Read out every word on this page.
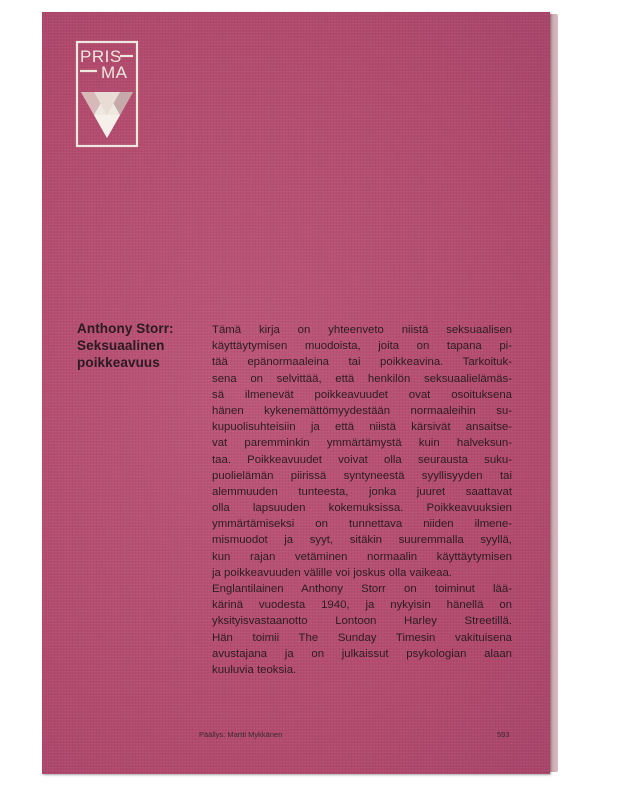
PRIS
MA
Anthony Storr:
Seksuaalinen
poikkeavuus
Tämä kirja on yhteenveto niistä seksuaalisen
käyttäytymisen muodoista, joita on tapana pi-
tää epänormaaleina tai poikkeavina. Tarkoituk-
sena on selvittää, että henkilön seksuaalielämäs-
sä ilmenevät poikkeavuudet ovat osoituksena
hänen kykenemättömyydestään normaaleihin su-
kupuolisuhteisiin ja että niistä kärsivät ansaitse-
vat paremminkin ymmärtämystä kuin halveksun-
taa. Poikkeavuudet voivat olla seurausta suku-
puolielämän piirissä syntyneestä syyllisyyden tai
alemmuuden tunteesta, jonka juuret saattavat
olla lapsuuden kokemuksissa. Poikkeavuuksien
ymmärtämiseksi on tunnettava niiden ilmene-
mismuodot ja syyt, sitäkin suuremmalla syyllä,
kun rajan vetäminen normaalin käyttäytymisen
ja poikkeavuuden välille voi joskus olla vaikeaa.
Englantilainen Anthony Storr on toiminut lää-
kärinä vuodesta 1940, ja nykyisin hänellä on
yksityisvastaanotto Lontoon Harley Streetillä.
Hän toimii The Sunday Timesin vakituisena
avustajana ja on julkaissut psykologian alaan
kuuluvia teoksia.
Päällys: Martti Mykkänen	593
